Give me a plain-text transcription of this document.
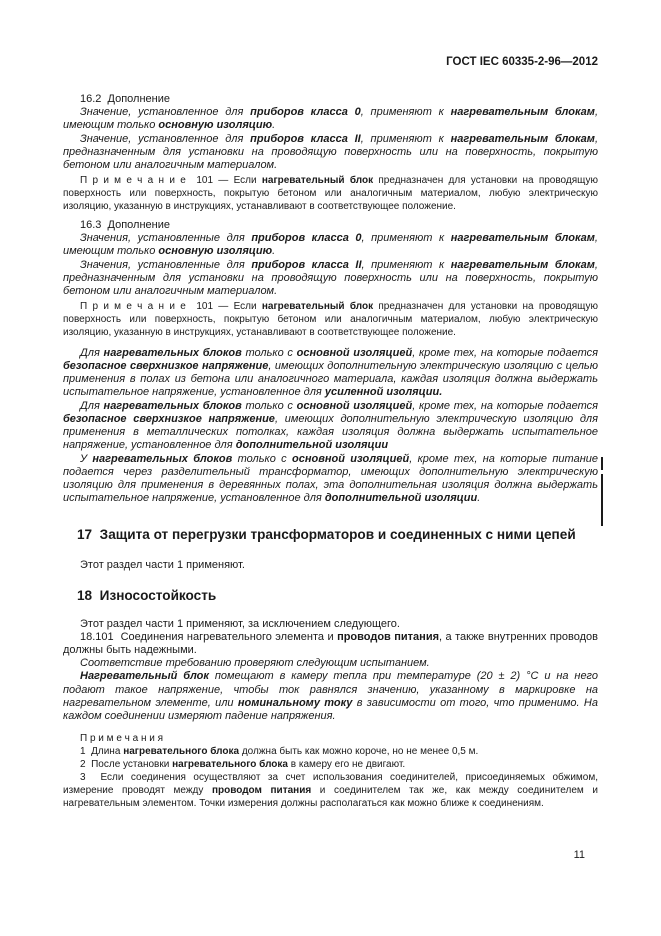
ГОСТ IEC 60335-2-96—2012

16.2  Дополнение

Значение, установленное для приборов класса 0, применяют к нагревательным блокам, имеющим только основную изоляцию.

Значение, установленное для приборов класса II, применяют к нагревательным блокам, предназначенным для установки на проводящую поверхность или на поверхность, покрытую бетоном или аналогичным материалом.

П р и м е ч а н и е  101 — Если нагревательный блок предназначен для установки на проводящую поверхность или поверхность, покрытую бетоном или аналогичным материалом, любую электрическую изоляцию, указанную в инструкциях, устанавливают в соответствующее положение.

16.3  Дополнение

Значения, установленные для приборов класса 0, применяют к нагревательным блокам, имеющим только основную изоляцию.

Значения, установленные для приборов класса II, применяют к нагревательным блокам, предназначенным для установки на проводящую поверхность или на поверхность, покрытую бетоном или аналогичным материалом.

П р и м е ч а н и е  101 — Если нагревательный блок предназначен для установки на проводящую поверхность или поверхность, покрытую бетоном или аналогичным материалом, любую электрическую изоляцию, указанную в инструкциях, устанавливают в соответствующее положение.

Для нагревательных блоков только с основной изоляцией, кроме тех, на которые подается безопасное сверхнизкое напряжение, имеющих дополнительную электрическую изоляцию с целью применения в полах из бетона или аналогичного материала, каждая изоляция должна выдержать испытательное напряжение, установленное для усиленной изоляции.

Для нагревательных блоков только с основной изоляцией, кроме тех, на которые подается безопасное сверхнизкое напряжение, имеющих дополнительную электрическую изоляцию для применения в металлических потолках, каждая изоляция должна выдержать испытательное напряжение, установленное для дополнительной изоляции

У нагревательных блоков только с основной изоляцией, кроме тех, на которые питание подается через разделительный трансформатор, имеющих дополнительную электрическую изоляцию для применения в деревянных полах, эта дополнительная изоляция должна выдержать испытательное напряжение, установленное для дополнительной изоляции.

17  Защита от перегрузки трансформаторов и соединенных с ними цепей

Этот раздел части 1 применяют.

18  Износостойкость

Этот раздел части 1 применяют, за исключением следующего.

18.101  Соединения нагревательного элемента и проводов питания, а также внутренних проводов должны быть надежными.

Соответствие требованию проверяют следующим испытанием.

Нагревательный блок помещают в камеру тепла при температуре (20 ± 2) °С и на него подают такое напряжение, чтобы ток равнялся значению, указанному в маркировке на нагревательном элементе, или номинальному току в зависимости от того, что применимо. На каждом соединении измеряют падение напряжения.

П р и м е ч а н и я

1  Длина нагревательного блока должна быть как можно короче, но не менее 0,5 м.

2  После установки нагревательного блока в камеру его не двигают.

3  Если соединения осуществляют за счет использования соединителей, присоединяемых обжимом, измерение проводят между проводом питания и соединителем так же, как между соединителем и нагревательным элементом. Точки измерения должны располагаться как можно ближе к соединениям.

11
